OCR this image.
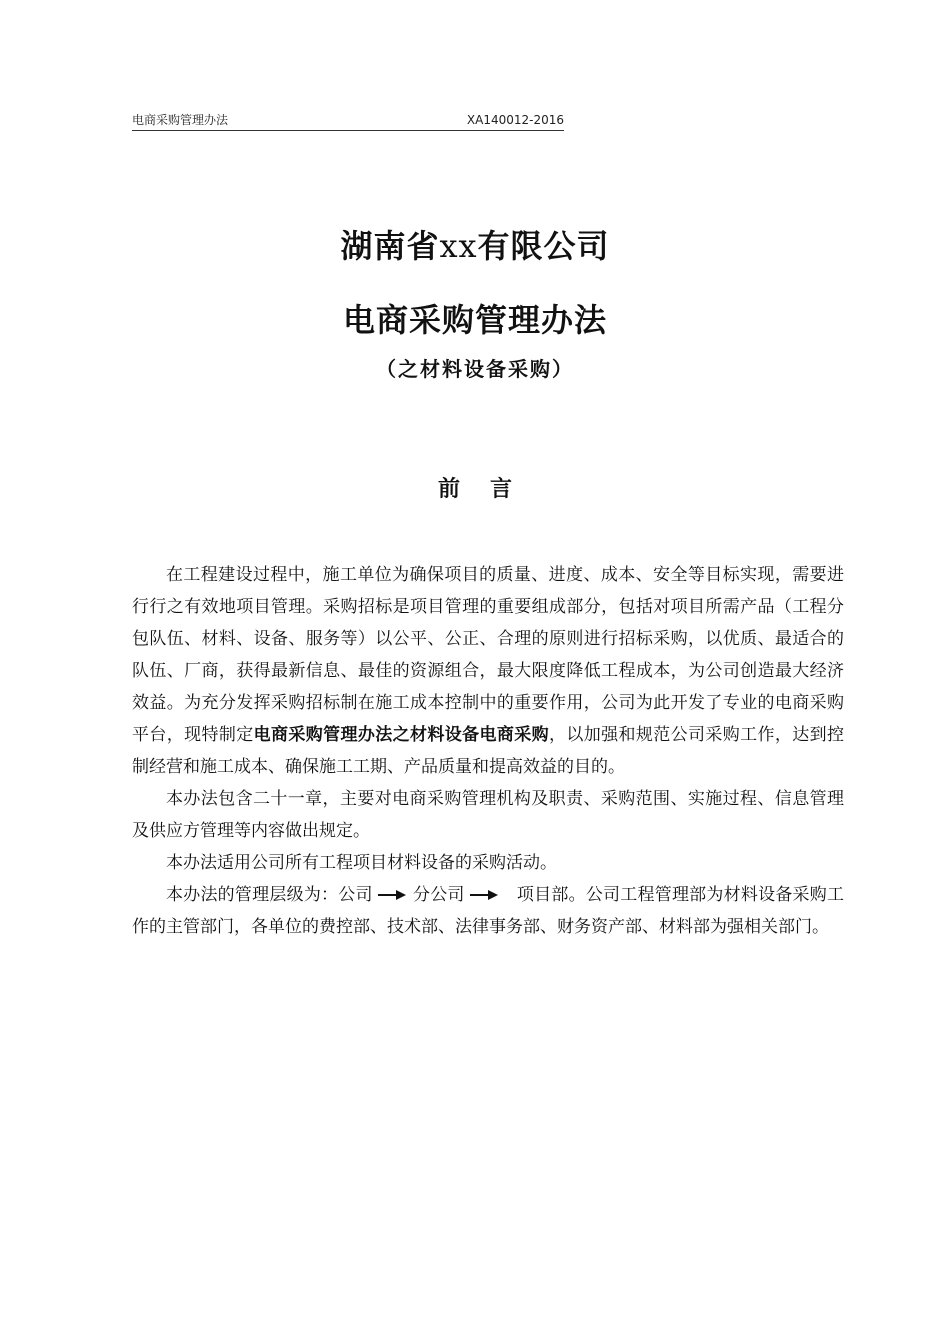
电商采购管理办法	XA140012-2016
湖南省xx有限公司
电商采购管理办法
（之材料设备采购）
前言

在工程建设过程中，施工单位为确保项目的质量、进度、成本、安全等目标实现，需要进行行之有效地项目管理。采购招标是项目管理的重要组成部分，包括对项目所需产品（工程分包队伍、材料、设备、服务等）以公平、公正、合理的原则进行招标采购，以优质、最适合的队伍、厂商，获得最新信息、最佳的资源组合，最大限度降低工程成本，为公司创造最大经济效益。为充分发挥采购招标制在施工成本控制中的重要作用，公司为此开发了专业的电商采购平台，现特制定电商采购管理办法之材料设备电商采购，以加强和规范公司采购工作，达到控制经营和施工成本、确保施工工期、产品质量和提高效益的目的。

本办法包含二十一章，主要对电商采购管理机构及职责、采购范围、实施过程、信息管理及供应方管理等内容做出规定。

本办法适用公司所有工程项目材料设备的采购活动。

本办法的管理层级为：公司 分公司	项目部。公司工程管理部为材料设备采购工作的主管部门，各单位的费控部、技术部、法律事务部、财务资产部、材料部为强相关部门。
